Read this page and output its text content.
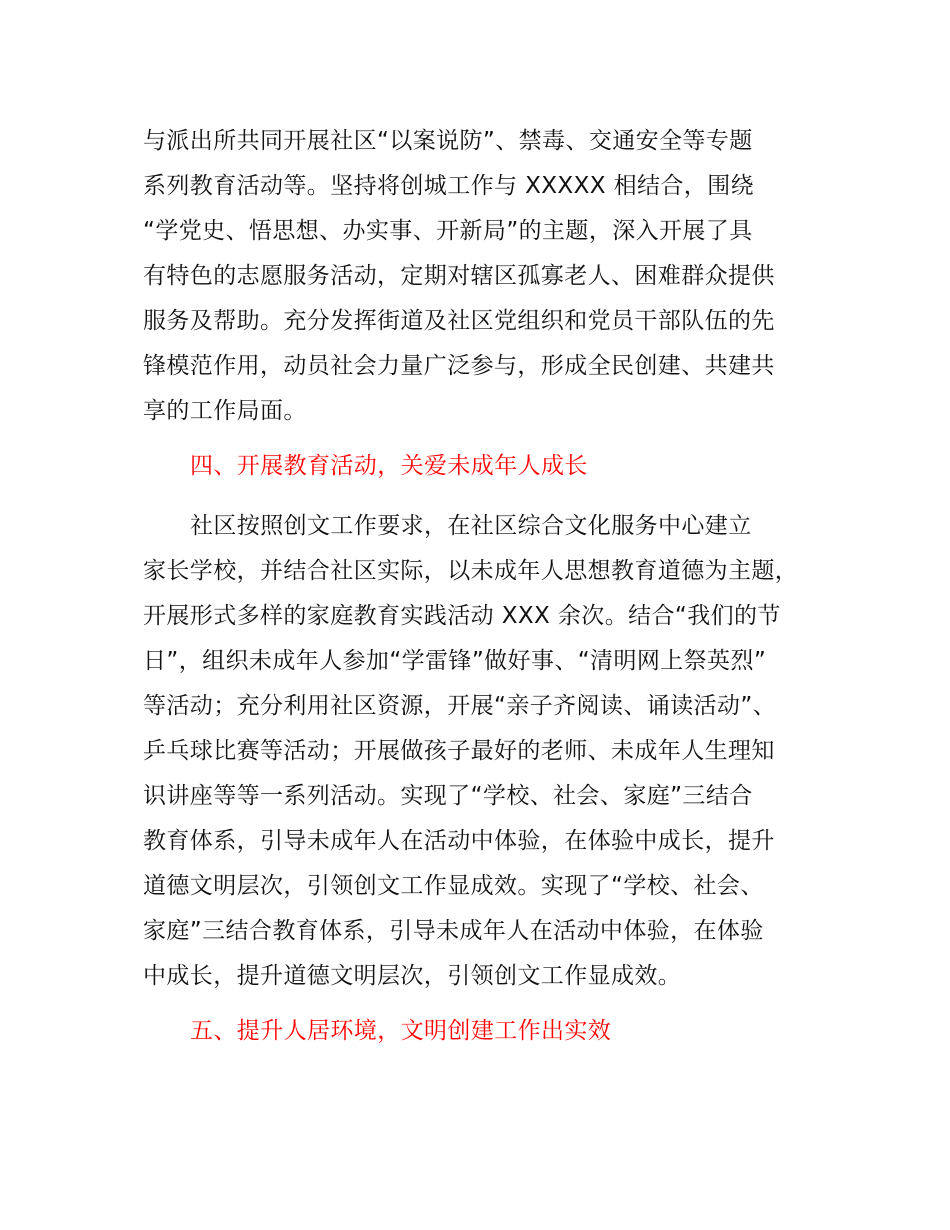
与派出所共同开展社区“以案说防”、禁毒、交通安全等专题
系列教育活动等。坚持将创城工作与 XXXXX 相结合，围绕
“学党史、悟思想、办实事、开新局”的主题，深入开展了具
有特色的志愿服务活动，定期对辖区孤寡老人、困难群众提供
服务及帮助。充分发挥街道及社区党组织和党员干部队伍的先
锋模范作用，动员社会力量广泛参与，形成全民创建、共建共
享的工作局面。
四、开展教育活动，关爱未成年人成长
社区按照创文工作要求，在社区综合文化服务中心建立
家长学校，并结合社区实际，以未成年人思想教育道德为主题，
开展形式多样的家庭教育实践活动 XXX 余次。结合“我们的节
日”，组织未成年人参加“学雷锋”做好事、“清明网上祭英烈”
等活动；充分利用社区资源，开展“亲子齐阅读、诵读活动”、
乒乓球比赛等活动；开展做孩子最好的老师、未成年人生理知
识讲座等等一系列活动。实现了“学校、社会、家庭”三结合
教育体系，引导未成年人在活动中体验，在体验中成长，提升
道德文明层次，引领创文工作显成效。实现了“学校、社会、
家庭”三结合教育体系，引导未成年人在活动中体验，在体验
中成长，提升道德文明层次，引领创文工作显成效。
五、提升人居环境，文明创建工作出实效
